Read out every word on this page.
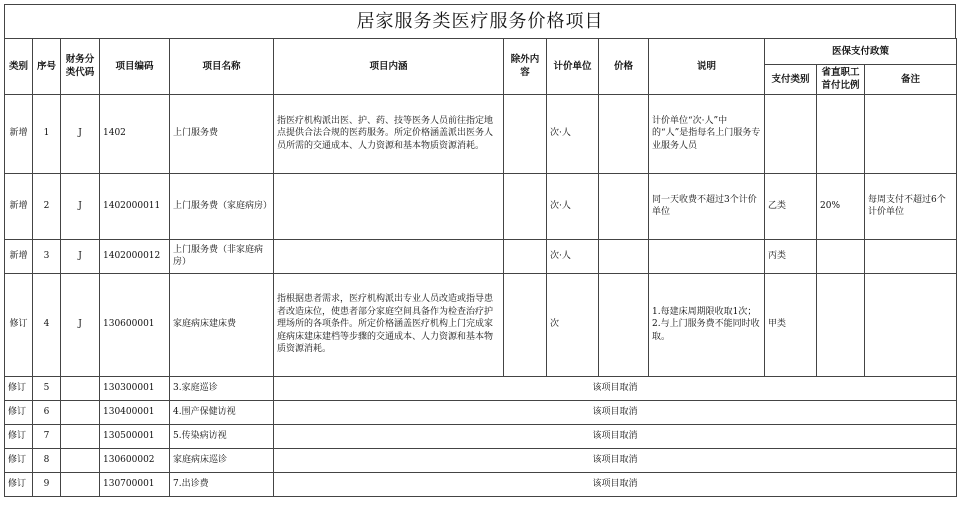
居家服务类医疗服务价格项目
类别	序号	财务分类代码	项目编码	项目名称	项目内涵	除外内容	计价单位	价格	说明	医保支付政策		
										支付类别	省直职工首付比例	备注
新增	1	J	1402	上门服务费	指医疗机构派出医、护、药、技等医务人员前往指定地点提供合法合规的医药服务。所定价格涵盖派出医务人员所需的交通成本、人力资源和基本物质资源消耗。		次·人		计价单位“次·人”中的“人”是指每名上门服务专业服务人员			
新增	2	J	1402000011	上门服务费（家庭病房）			次·人		同一天收费不超过3个计价单位	乙类	20%	每周支付不超过6个计价单位
新增	3	J	1402000012	上门服务费（非家庭病房）			次·人			丙类		
修订	4	J	130600001	家庭病床建床费	指根据患者需求，医疗机构派出专业人员改造或指导患者改造床位，使患者部分家庭空间具备作为检查治疗护理场所的各项条件。所定价格涵盖医疗机构上门完成家庭病床建床建档等步骤的交通成本、人力资源和基本物质资源消耗。		次		1.每建床周期限收取1次；2.与上门服务费不能同时收取。	甲类		
修订	5		130300001	3.家庭巡诊	该项目取消							
修订	6		130400001	4.围产保健访视	该项目取消							
修订	7		130500001	5.传染病访视	该项目取消							
修订	8		130600002	家庭病床巡诊	该项目取消							
修订	9		130700001	7.出诊费	该项目取消							
